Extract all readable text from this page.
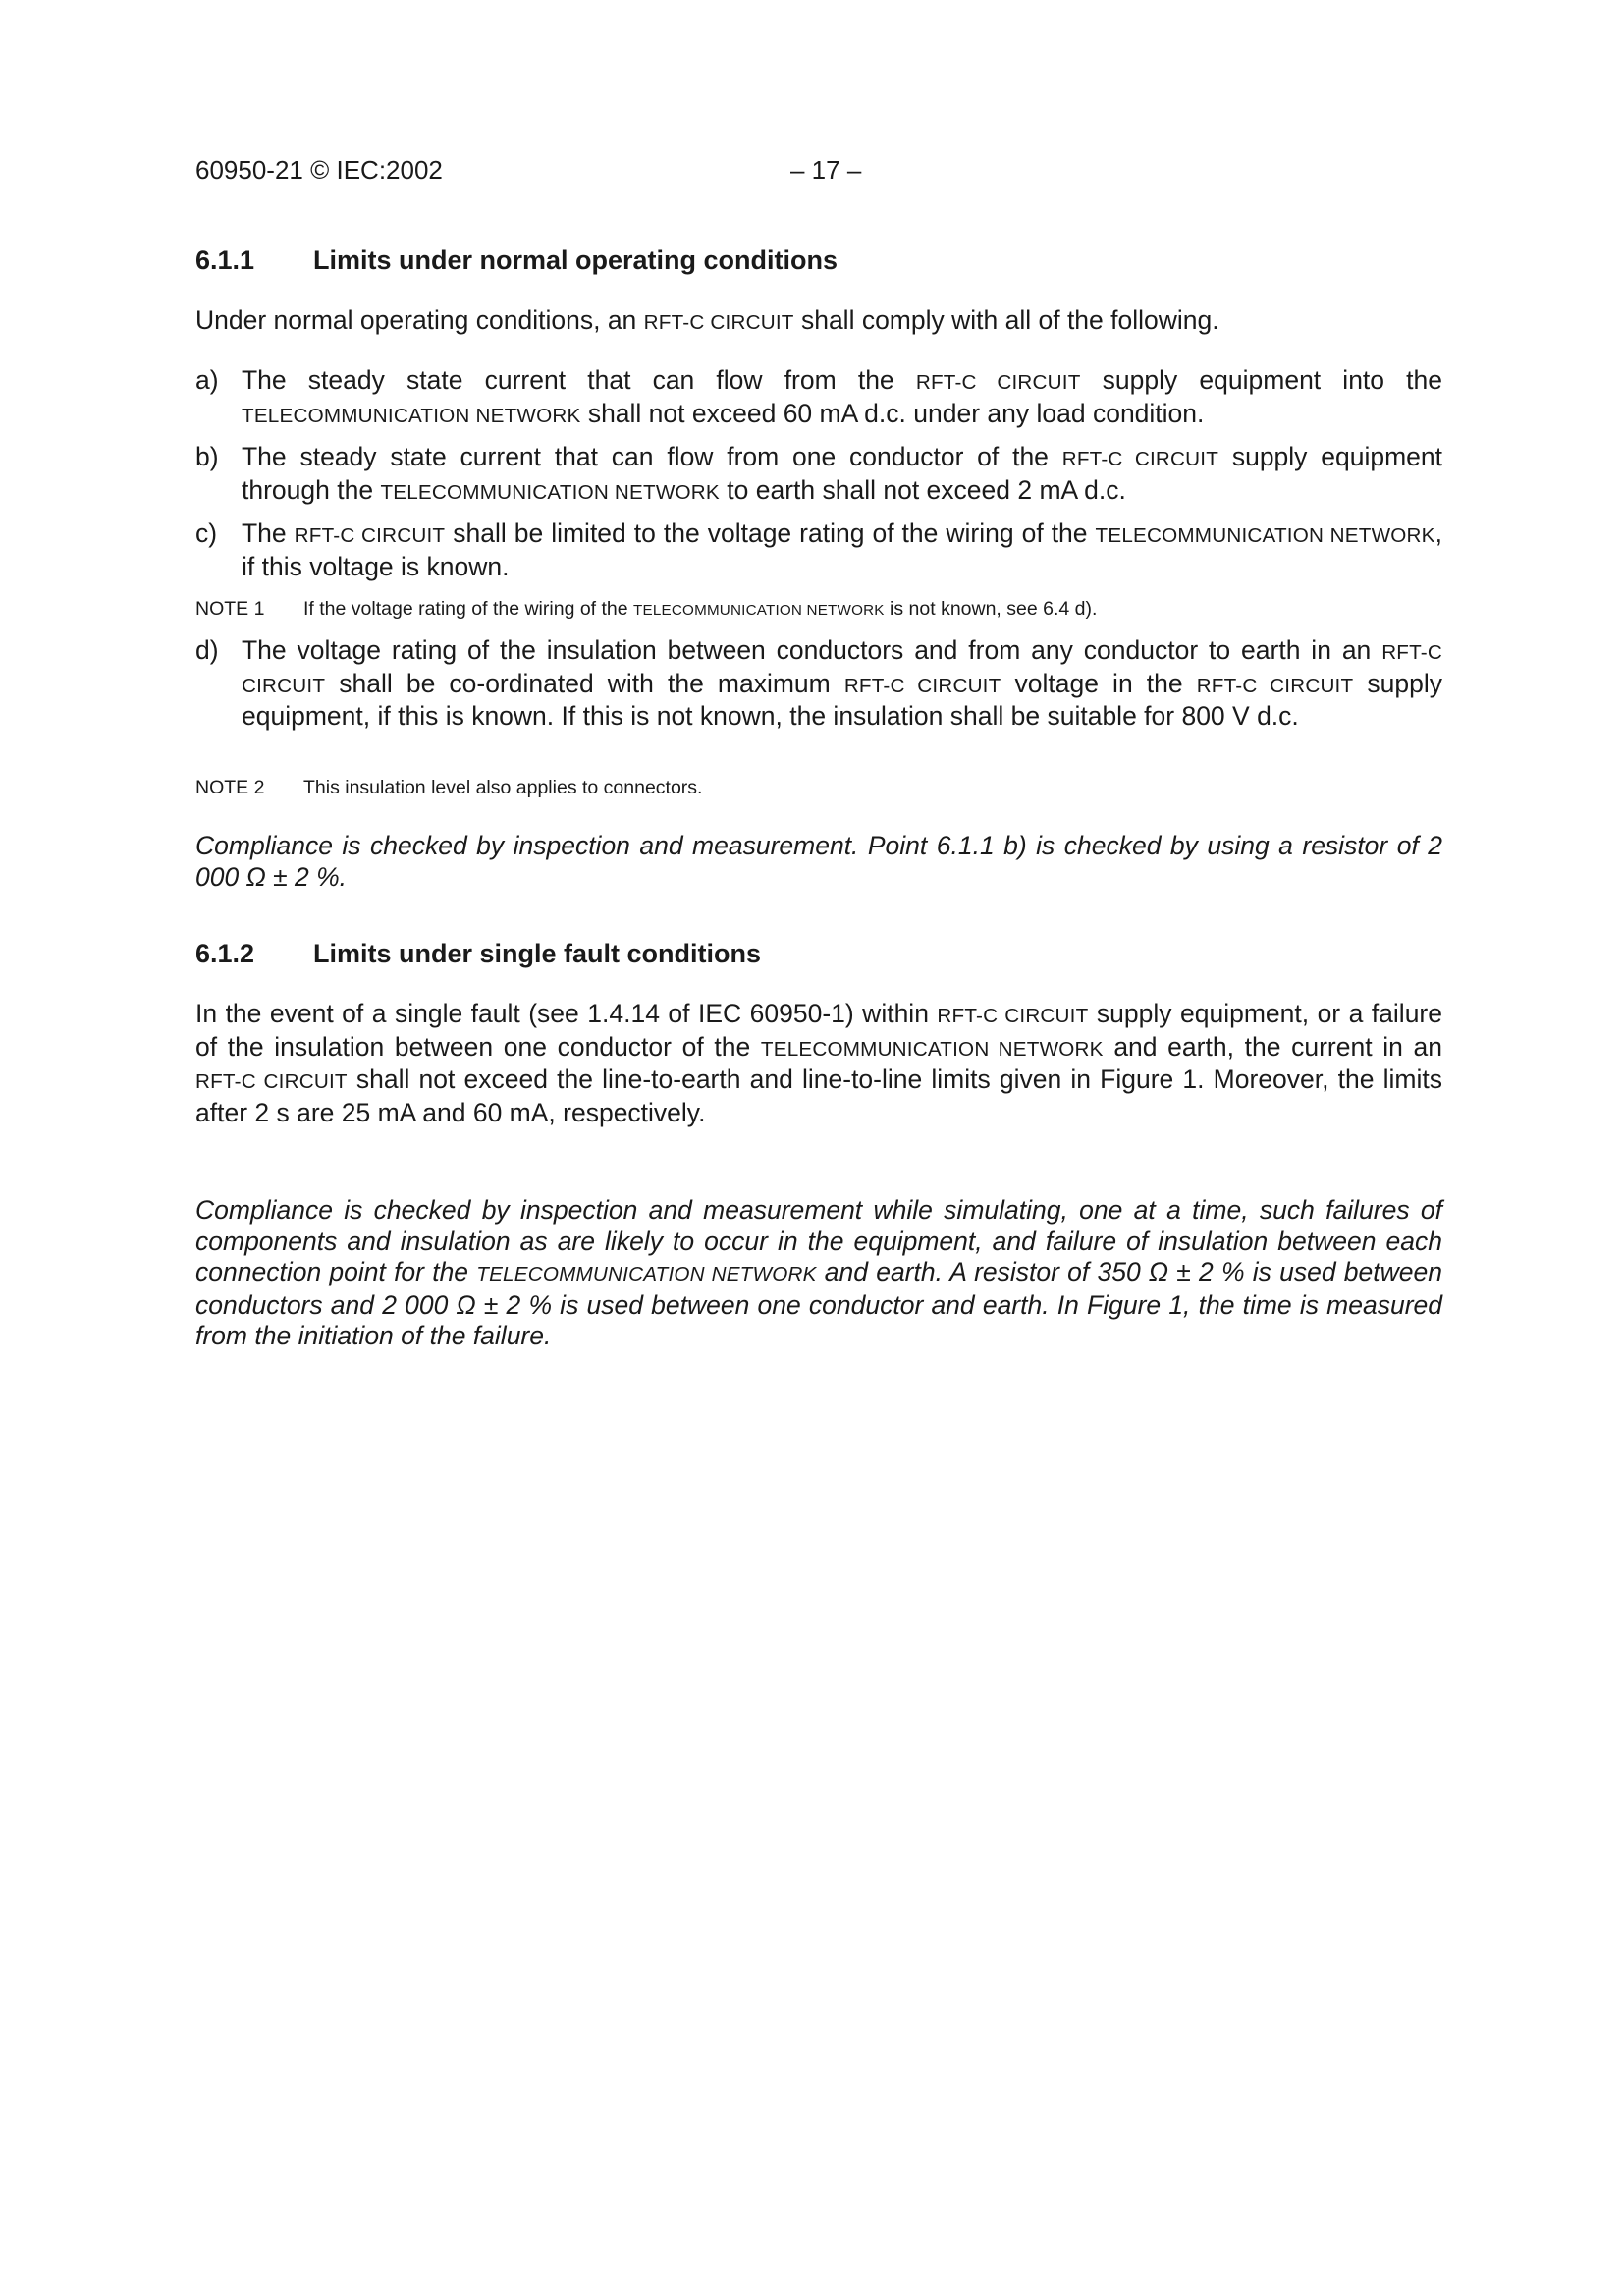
60950-21 © IEC:2002	– 17 –
6.1.1 Limits under normal operating conditions
Under normal operating conditions, an RFT-C CIRCUIT shall comply with all of the following.
a) The steady state current that can flow from the RFT-C CIRCUIT supply equipment into the TELECOMMUNICATION NETWORK shall not exceed 60 mA d.c. under any load condition.
b) The steady state current that can flow from one conductor of the RFT-C CIRCUIT supply equipment through the TELECOMMUNICATION NETWORK to earth shall not exceed 2 mA d.c.
c) The RFT-C CIRCUIT shall be limited to the voltage rating of the wiring of the TELECOMMUNICATION NETWORK, if this voltage is known.
NOTE 1 If the voltage rating of the wiring of the TELECOMMUNICATION NETWORK is not known, see 6.4 d).
d) The voltage rating of the insulation between conductors and from any conductor to earth in an RFT-C CIRCUIT shall be co-ordinated with the maximum RFT-C CIRCUIT voltage in the RFT-C CIRCUIT supply equipment, if this is known. If this is not known, the insulation shall be suitable for 800 V d.c.
NOTE 2 This insulation level also applies to connectors.
Compliance is checked by inspection and measurement. Point 6.1.1 b) is checked by using a resistor of 2 000 Ω ± 2 %.
6.1.2 Limits under single fault conditions
In the event of a single fault (see 1.4.14 of IEC 60950-1) within RFT-C CIRCUIT supply equipment, or a failure of the insulation between one conductor of the TELECOMMUNICATION NETWORK and earth, the current in an RFT-C CIRCUIT shall not exceed the line-to-earth and line-to-line limits given in Figure 1. Moreover, the limits after 2 s are 25 mA and 60 mA, respectively.
Compliance is checked by inspection and measurement while simulating, one at a time, such failures of components and insulation as are likely to occur in the equipment, and failure of insulation between each connection point for the TELECOMMUNICATION NETWORK and earth. A resistor of 350 Ω ± 2 % is used between conductors and 2 000 Ω ± 2 % is used between one conductor and earth. In Figure 1, the time is measured from the initiation of the failure.
